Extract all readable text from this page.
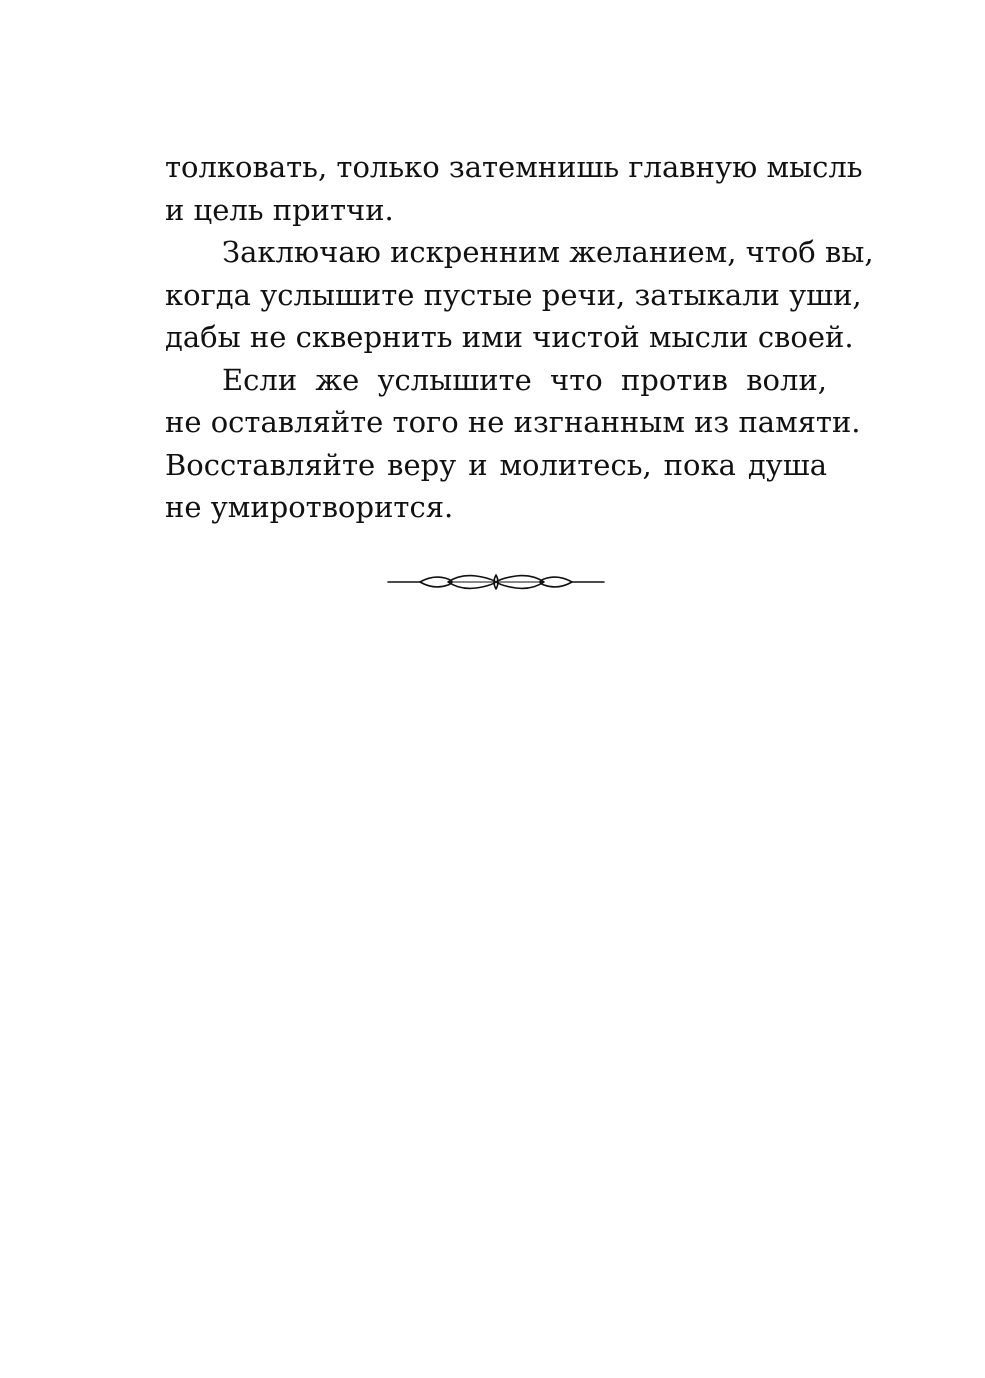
толковать, только затемнишь главную мысль
и цель притчи.

Заключаю искренним желанием, чтоб вы,
когда услышите пустые речи, затыкали уши,
дабы не сквернить ими чистой мысли своей.

Если же услышите что против воли,
не оставляйте того не изгнанным из памяти.
Восставляйте веру и молитесь, пока душа
не умиротворится.
